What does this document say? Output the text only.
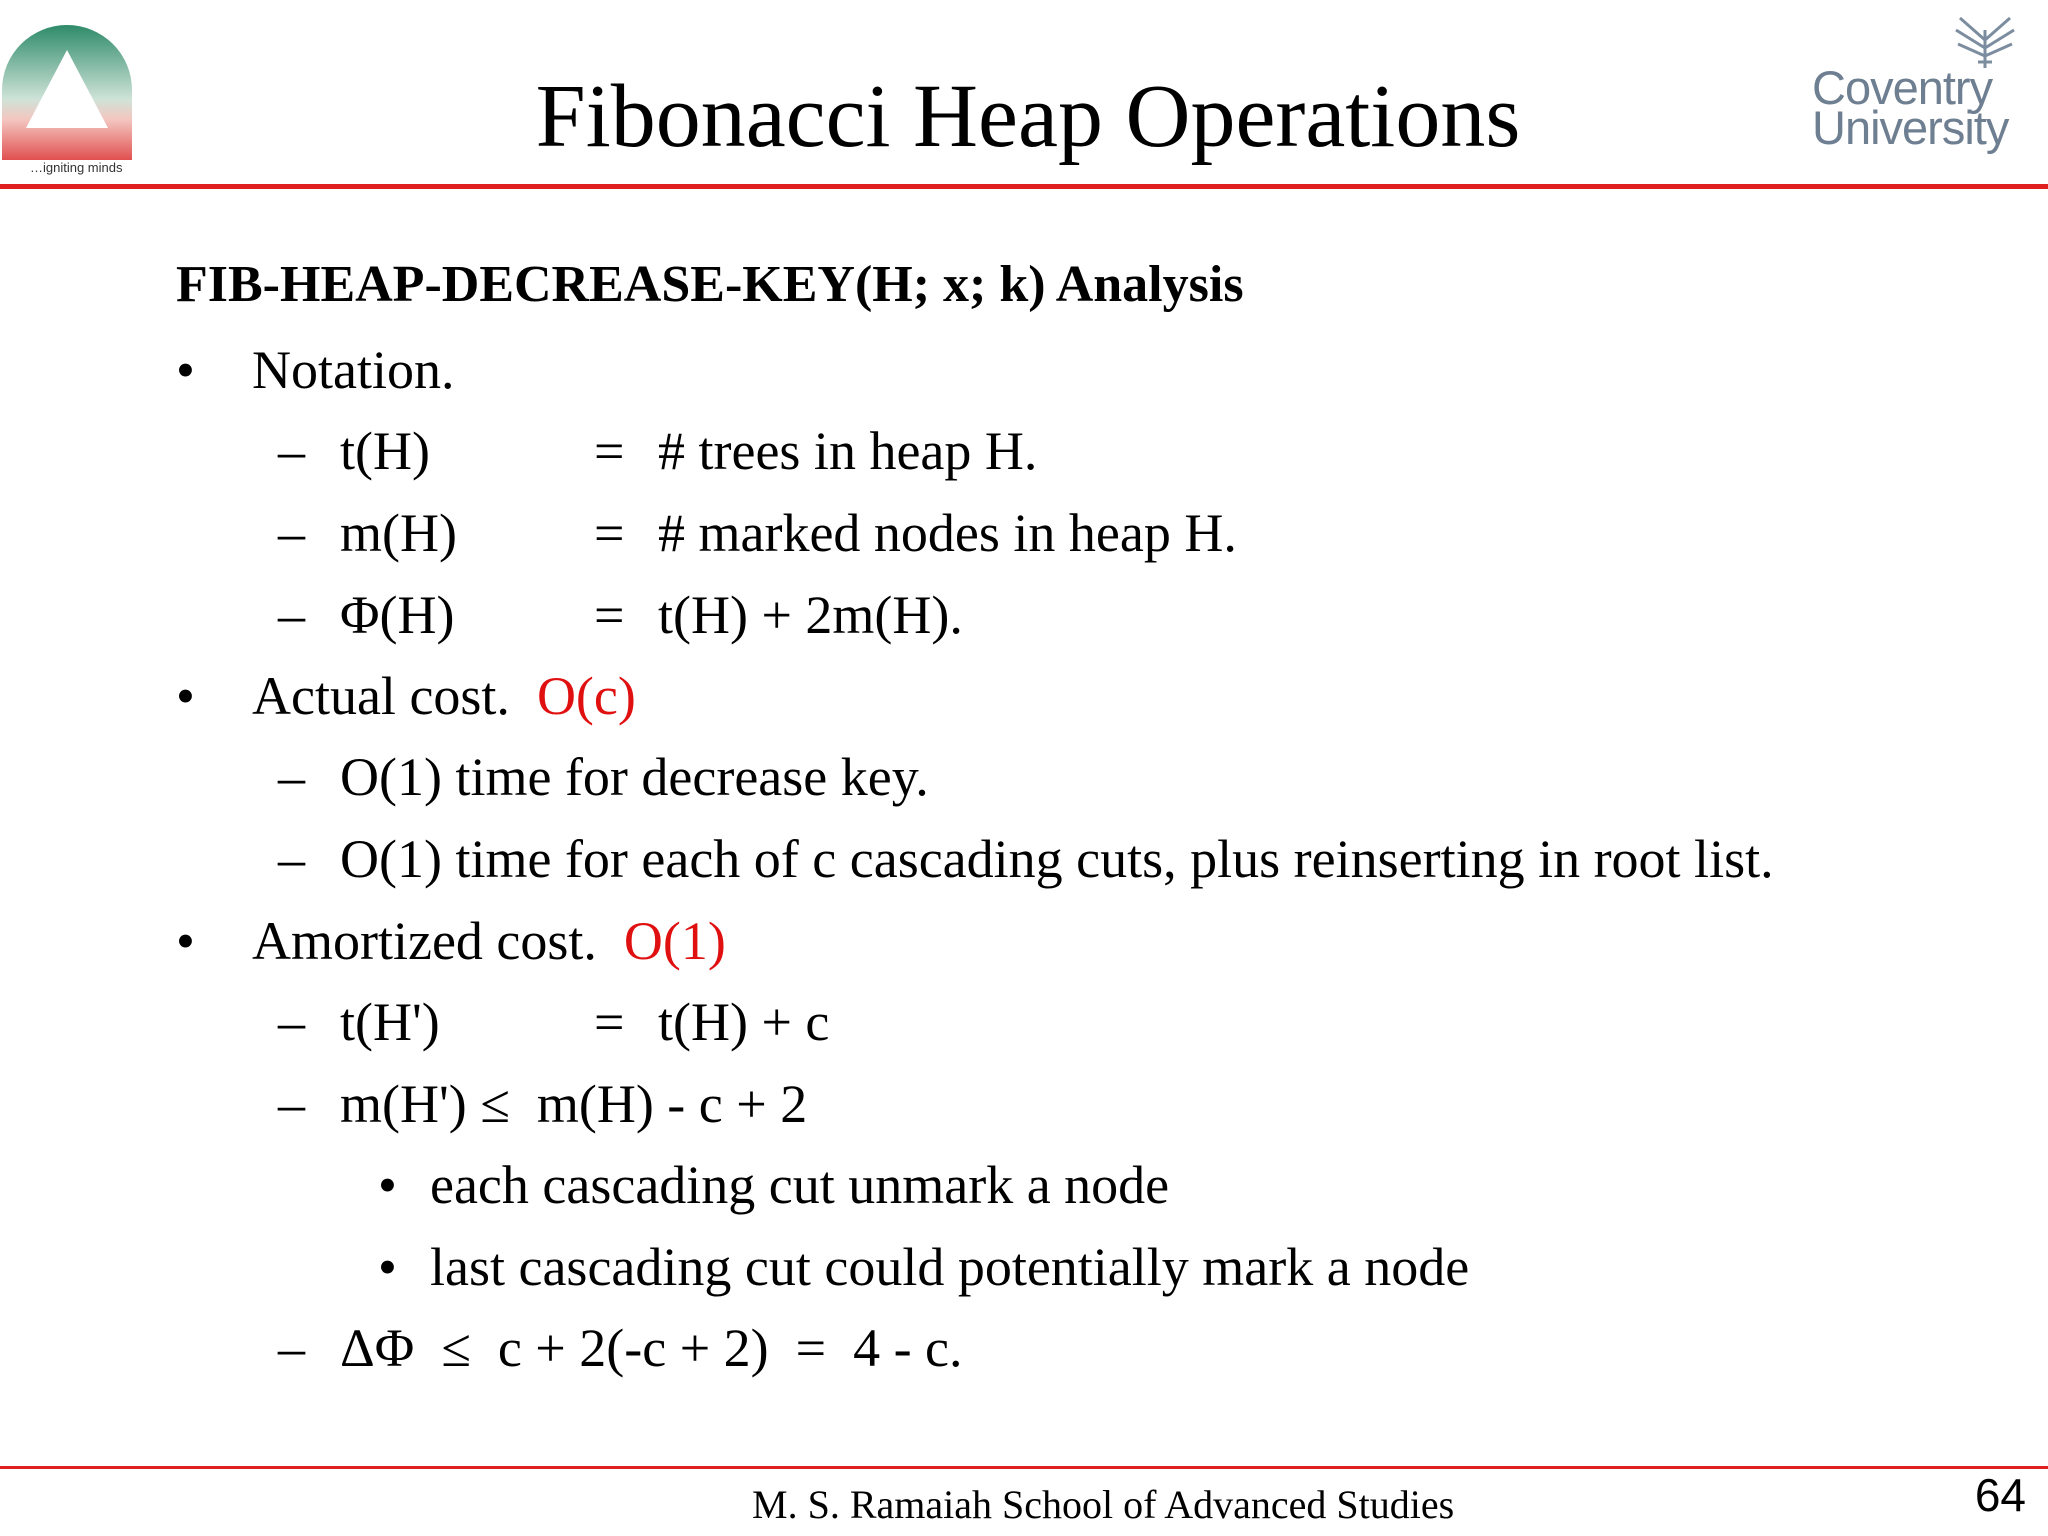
…igniting minds
Fibonacci Heap Operations	Coventry
University
FIB-HEAP-DECREASE-KEY(H; x; k) Analysis
• Notation.
– t(H)	= # trees in heap H.
– m(H)	= # marked nodes in heap H.
– Φ(H)	= t(H) + 2m(H).
• Actual cost. O(c)
– O(1) time for decrease key.
– O(1) time for each of c cascading cuts, plus reinserting in root list.
• Amortized cost. O(1)
– t(H')	= t(H) + c
– m(H') ≤  m(H) - c + 2
• each cascading cut unmark a node
• last cascading cut could potentially mark a node
– ΔΦ  ≤  c + 2(-c + 2)  =  4 - c.
M. S. Ramaiah School of Advanced Studies	64
